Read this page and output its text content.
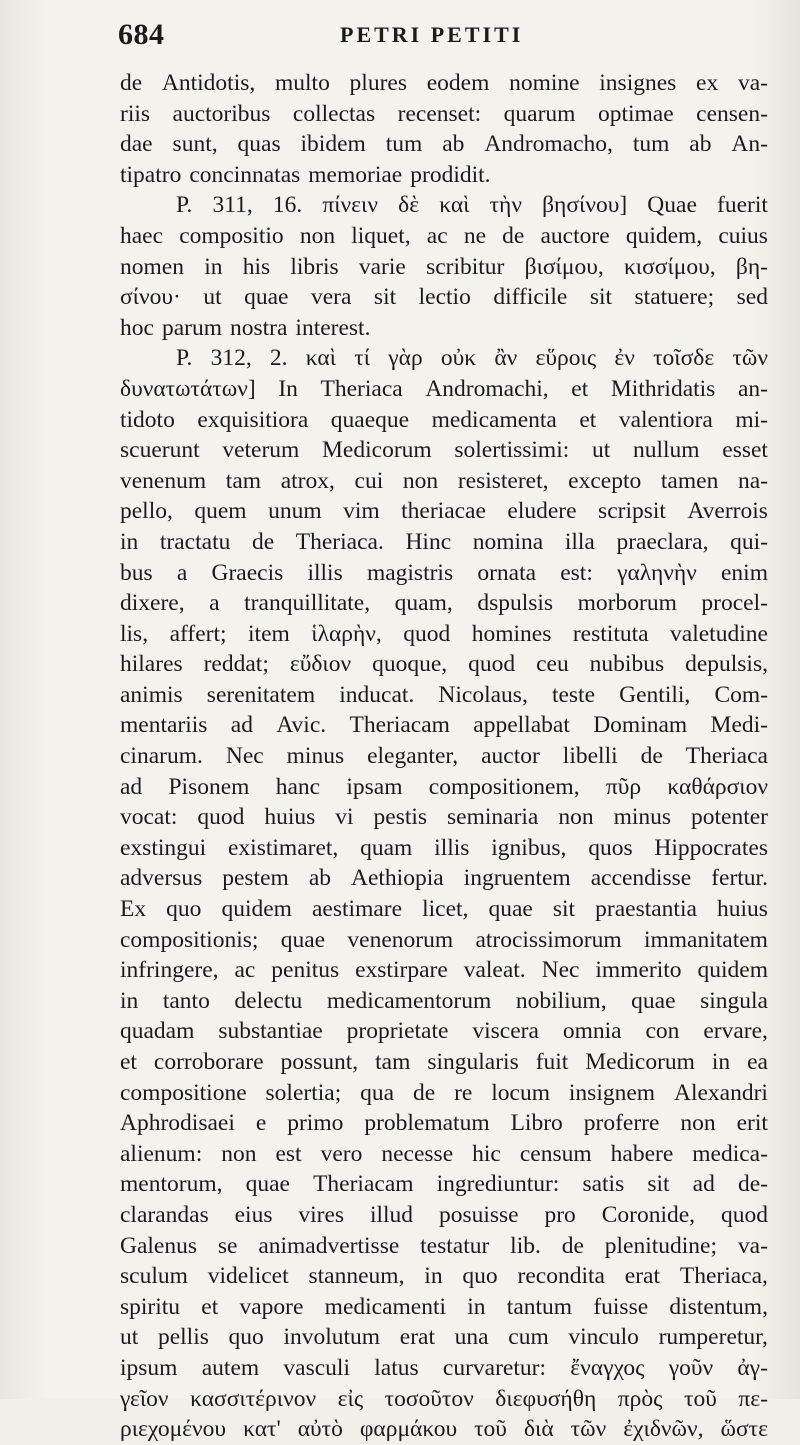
684	PETRI PETITI
de Antidotis, multo plures eodem nomine insignes ex va-
riis auctoribus collectas recenset: quarum optimae censen-
dae sunt, quas ibidem tum ab Andromacho, tum ab An-
tipatro concinnatas memoriae prodidit.
P. 311, 16. πίνειν δὲ καὶ τὴν βησίνου] Quae fuerit
haec compositio non liquet, ac ne de auctore quidem, cuius
nomen in his libris varie scribitur βισίμου, κισσίμου, βη-
σίνου· ut quae vera sit lectio difficile sit statuere; sed
hoc parum nostra interest.
P. 312, 2. καὶ τί γὰρ οὐκ ἂν εὕροις ἐν τοῖσδε τῶν
δυνατωτάτων] In Theriaca Andromachi, et Mithridatis an-
tidoto exquisitiora quaeque medicamenta et valentiora mi-
scuerunt veterum Medicorum solertissimi: ut nullum esset
venenum tam atrox, cui non resisteret, excepto tamen na-
pello, quem unum vim theriacae eludere scripsit Averrois
in tractatu de Theriaca. Hinc nomina illa praeclara, qui-
bus a Graecis illis magistris ornata est: γαληνὴν enim
dixere, a tranquillitate, quam, dspulsis morborum procel-
lis, affert; item ἱλαρὴν, quod homines restituta valetudine
hilares reddat; εὔδιον quoque, quod ceu nubibus depulsis,
animis serenitatem inducat. Nicolaus, teste Gentili, Com-
mentariis ad Avic. Theriacam appellabat Dominam Medi-
cinarum. Nec minus eleganter, auctor libelli de Theriaca
ad Pisonem hanc ipsam compositionem, πῦρ καθάρσιον
vocat: quod huius vi pestis seminaria non minus potenter
exstingui existimaret, quam illis ignibus, quos Hippocrates
adversus pestem ab Aethiopia ingruentem accendisse fertur.
Ex quo quidem aestimare licet, quae sit praestantia huius
compositionis; quae venenorum atrocissimorum immanitatem
infringere, ac penitus exstirpare valeat. Nec immerito quidem
in tanto delectu medicamentorum nobilium, quae singula
quadam substantiae proprietate viscera omnia con ervare,
et corroborare possunt, tam singularis fuit Medicorum in ea
compositione solertia; qua de re locum insignem Alexandri
Aphrodisaei e primo problematum Libro proferre non erit
alienum: non est vero necesse hic censum habere medica-
mentorum, quae Theriacam ingrediuntur: satis sit ad de-
clarandas eius vires illud posuisse pro Coronide, quod
Galenus se animadvertisse testatur lib. de plenitudine; va-
sculum videlicet stanneum, in quo recondita erat Theriaca,
spiritu et vapore medicamenti in tantum fuisse distentum,
ut pellis quo involutum erat una cum vinculo rumperetur,
ipsum autem vasculi latus curvaretur: ἔναγχος γοῦν ἀγ-
γεῖον κασσιτέρινον εἰς τοσοῦτον διεφυσήθη πρὸς τοῦ πε-
ριεχομένου κατ' αὐτὸ φαρμάκου τοῦ διὰ τῶν ἐχιδνῶν, ὥστε
